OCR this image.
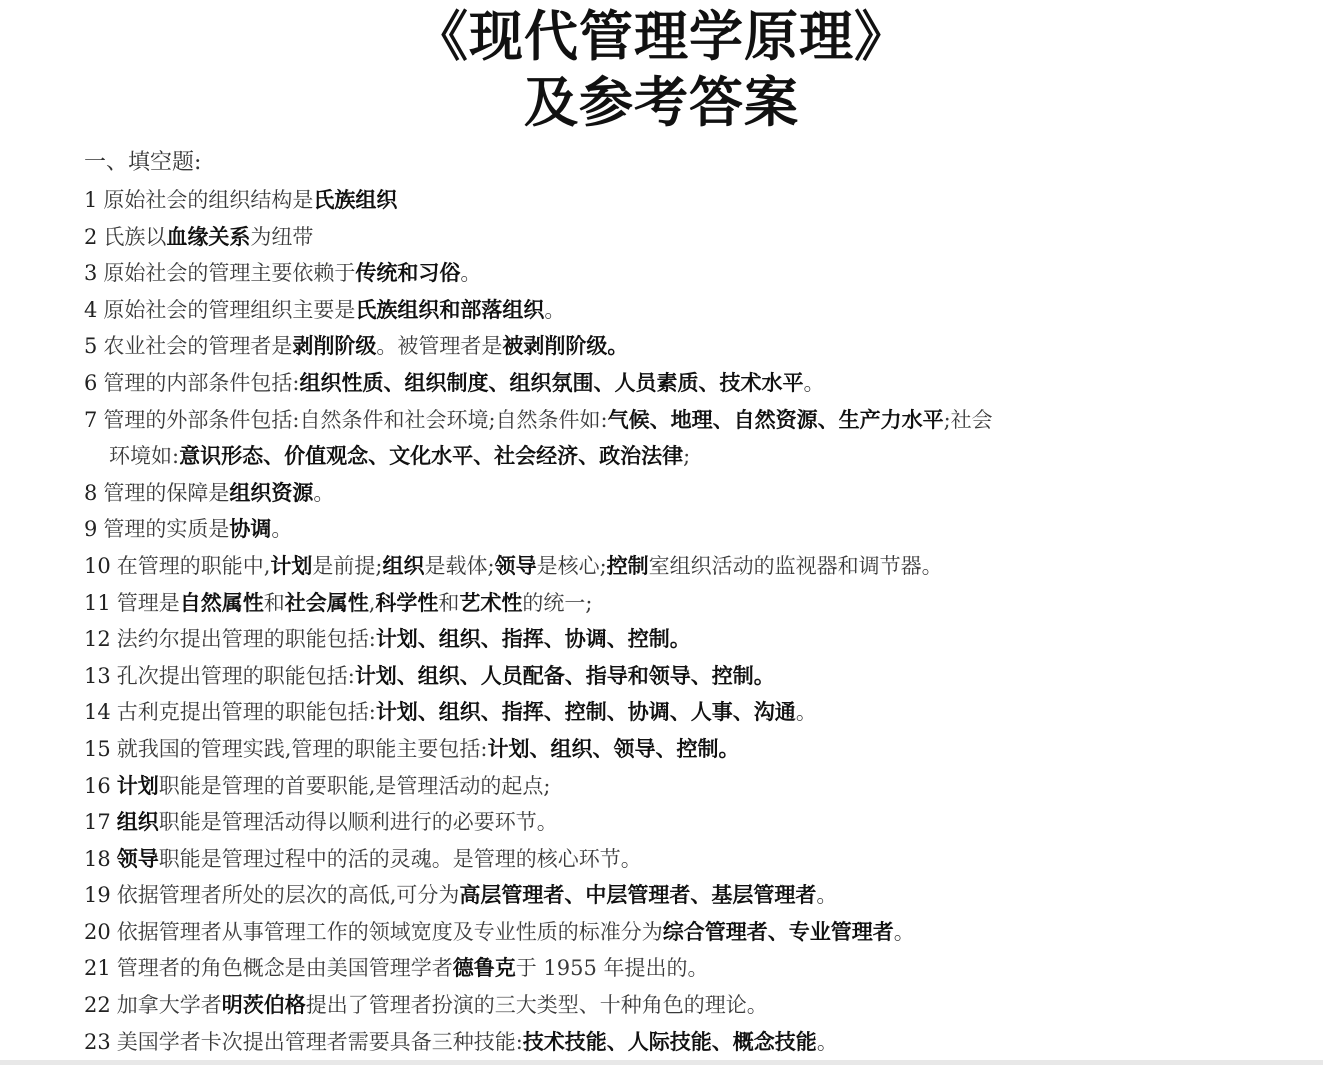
《现代管理学原理》
及参考答案
一、填空题:
1 原始社会的组织结构是氏族组织
2 氏族以血缘关系为纽带
3 原始社会的管理主要依赖于传统和习俗。
4 原始社会的管理组织主要是氏族组织和部落组织。
5 农业社会的管理者是剥削阶级。被管理者是被剥削阶级。
6 管理的内部条件包括:组织性质、组织制度、组织氛围、人员素质、技术水平。
7 管理的外部条件包括:自然条件和社会环境;自然条件如:气候、地理、自然资源、生产力水平;社会
环境如:意识形态、价值观念、文化水平、社会经济、政治法律;
8 管理的保障是组织资源。
9 管理的实质是协调。
10 在管理的职能中,计划是前提;组织是载体;领导是核心;控制室组织活动的监视器和调节器。
11 管理是自然属性和社会属性,科学性和艺术性的统一;
12 法约尔提出管理的职能包括:计划、组织、指挥、协调、控制。
13 孔次提出管理的职能包括:计划、组织、人员配备、指导和领导、控制。
14 古利克提出管理的职能包括:计划、组织、指挥、控制、协调、人事、沟通。
15 就我国的管理实践,管理的职能主要包括:计划、组织、领导、控制。
16 计划职能是管理的首要职能,是管理活动的起点;
17 组织职能是管理活动得以顺利进行的必要环节。
18 领导职能是管理过程中的活的灵魂。是管理的核心环节。
19 依据管理者所处的层次的高低,可分为高层管理者、中层管理者、基层管理者。
20 依据管理者从事管理工作的领域宽度及专业性质的标准分为综合管理者、专业管理者。
21 管理者的角色概念是由美国管理学者德鲁克于 1955 年提出的。
22 加拿大学者明茨伯格提出了管理者扮演的三大类型、十种角色的理论。
23 美国学者卡次提出管理者需要具备三种技能:技术技能、人际技能、概念技能。
